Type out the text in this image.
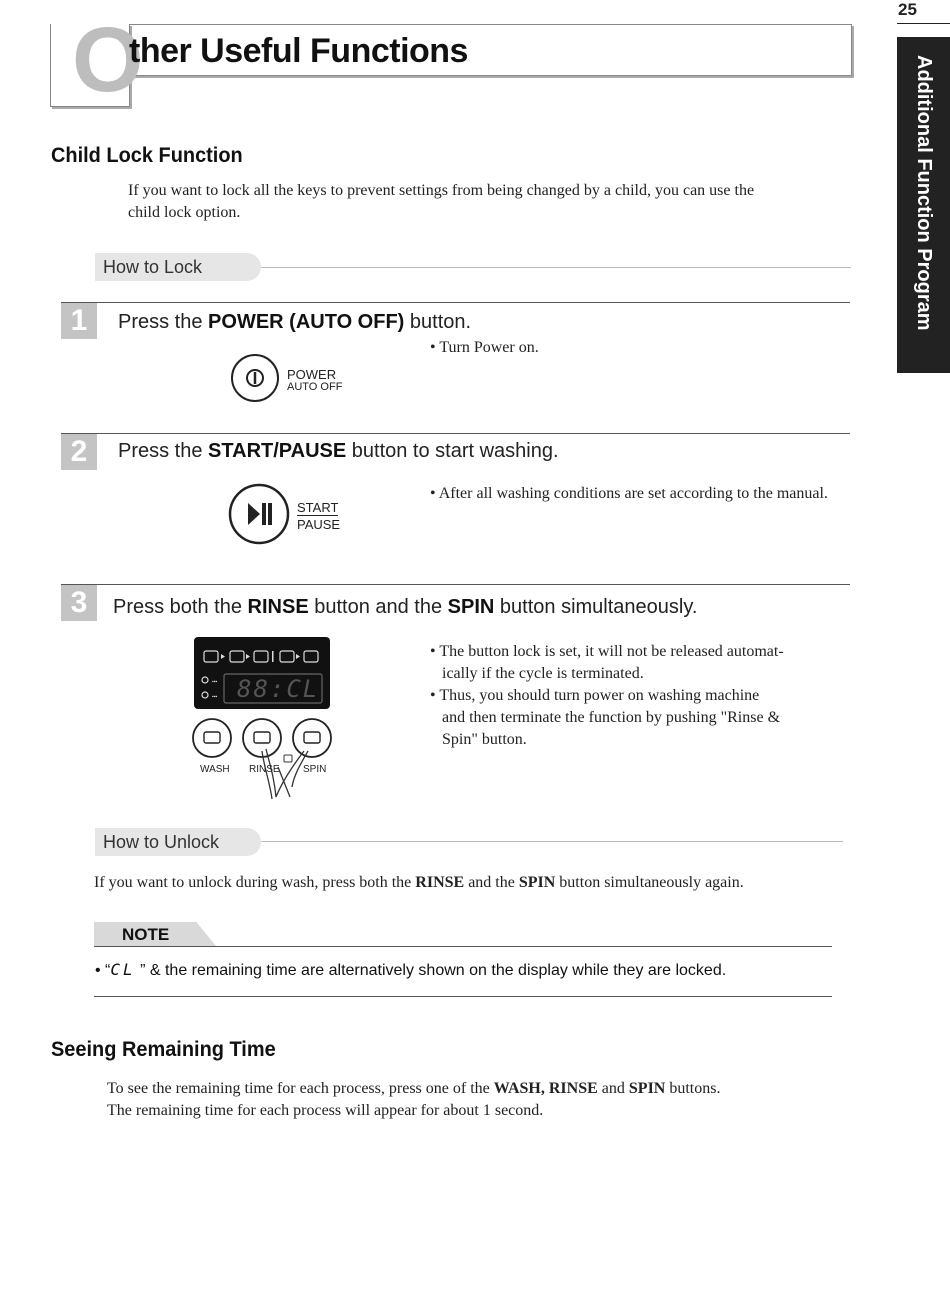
25
Additional Function Program
O
ther Useful Functions
Child Lock Function
If you want to lock all the keys to prevent settings from being changed by a child, you can use the
child lock option.
How to Lock
1	Press the POWER (AUTO OFF) button.
• Turn Power on.
POWER
AUTO OFF
2	Press the START/PAUSE button to start washing.
• After all washing conditions are set according to the manual.
START
PAUSE
3	Press both the RINSE button and the SPIN button simultaneously.
• The button lock is set, it will not be released automat-
ically if the cycle is terminated.
• Thus, you should turn power on washing machine
and then terminate the function by pushing "Rinse &
Spin" button.
▪▪▪
▪▪▪ 88:CL
WASH RINSE SPIN
How to Unlock
If you want to unlock during wash, press both the RINSE and the SPIN button simultaneously again.
NOTE
• “CL ” & the remaining time are alternatively shown on the display while they are locked.
Seeing Remaining Time
To see the remaining time for each process, press one of the WASH, RINSE and SPIN buttons.
The remaining time for each process will appear for about 1 second.
